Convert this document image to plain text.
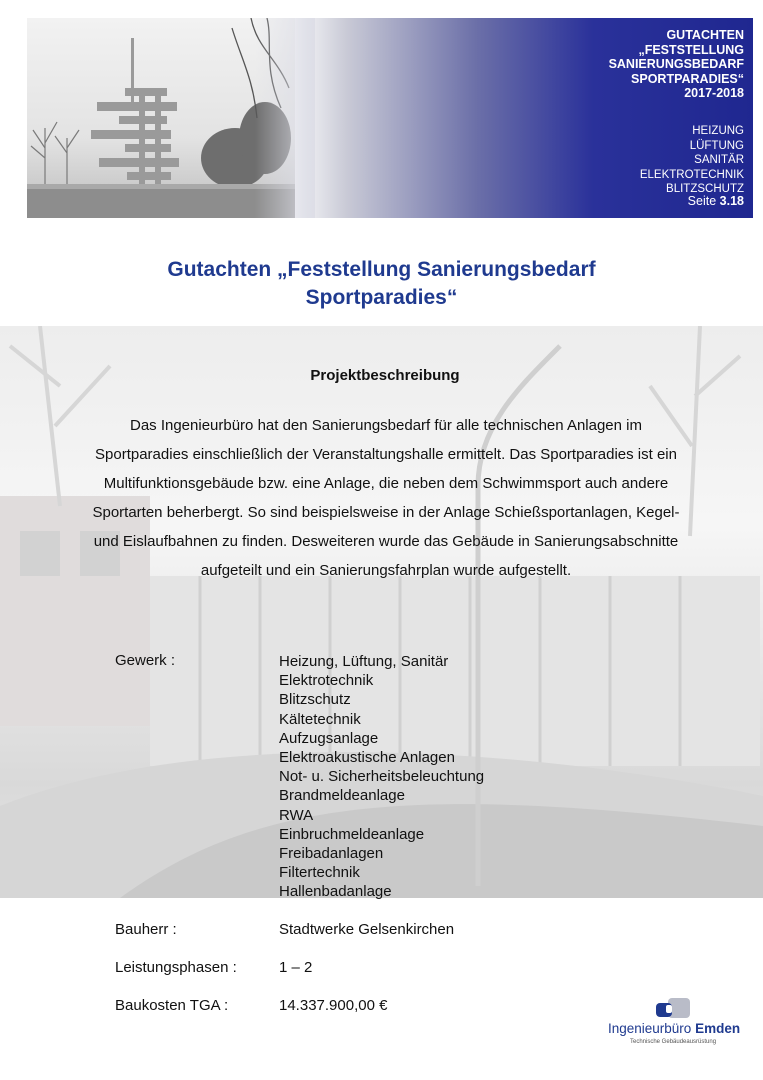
GUTACHTEN
„FESTSTELLUNG
SANIERUNGSBEDARF
SPORTPARADIES“
2017-2018
HEIZUNG
LÜFTUNG
SANITÄR
ELEKTROTECHNIK
BLITZSCHUTZ
Seite 3.18
Gutachten „Feststellung Sanierungsbedarf
Sportparadies“
Projektbeschreibung

Das Ingenieurbüro hat den Sanierungsbedarf für alle technischen Anlagen im Sportparadies einschließlich der Veranstaltungshalle ermittelt. Das Sportparadies ist ein Multifunktionsgebäude bzw. eine Anlage, die neben dem Schwimmsport auch andere Sportarten beherbergt. So sind beispielsweise in der Anlage Schießsportanlagen, Kegel- und Eislaufbahnen zu finden. Desweiteren wurde das Gebäude in Sanierungsabschnitte aufgeteilt und ein Sanierungsfahrplan wurde aufgestellt.

Gewerk :	Heizung, Lüftung, Sanitär
Elektrotechnik
Blitzschutz
Kältetechnik
Aufzugsanlage
Elektroakustische Anlagen
Not- u. Sicherheitsbeleuchtung
Brandmeldeanlage
RWA
Einbruchmeldeanlage
Freibadanlagen
Filtertechnik
Hallenbadanlage
Bauherr :	Stadtwerke Gelsenkirchen
Leistungsphasen :	1 – 2
Baukosten TGA :	14.337.900,00 €
Ingenieurbüro Emden
Technische Gebäudeausrüstung
